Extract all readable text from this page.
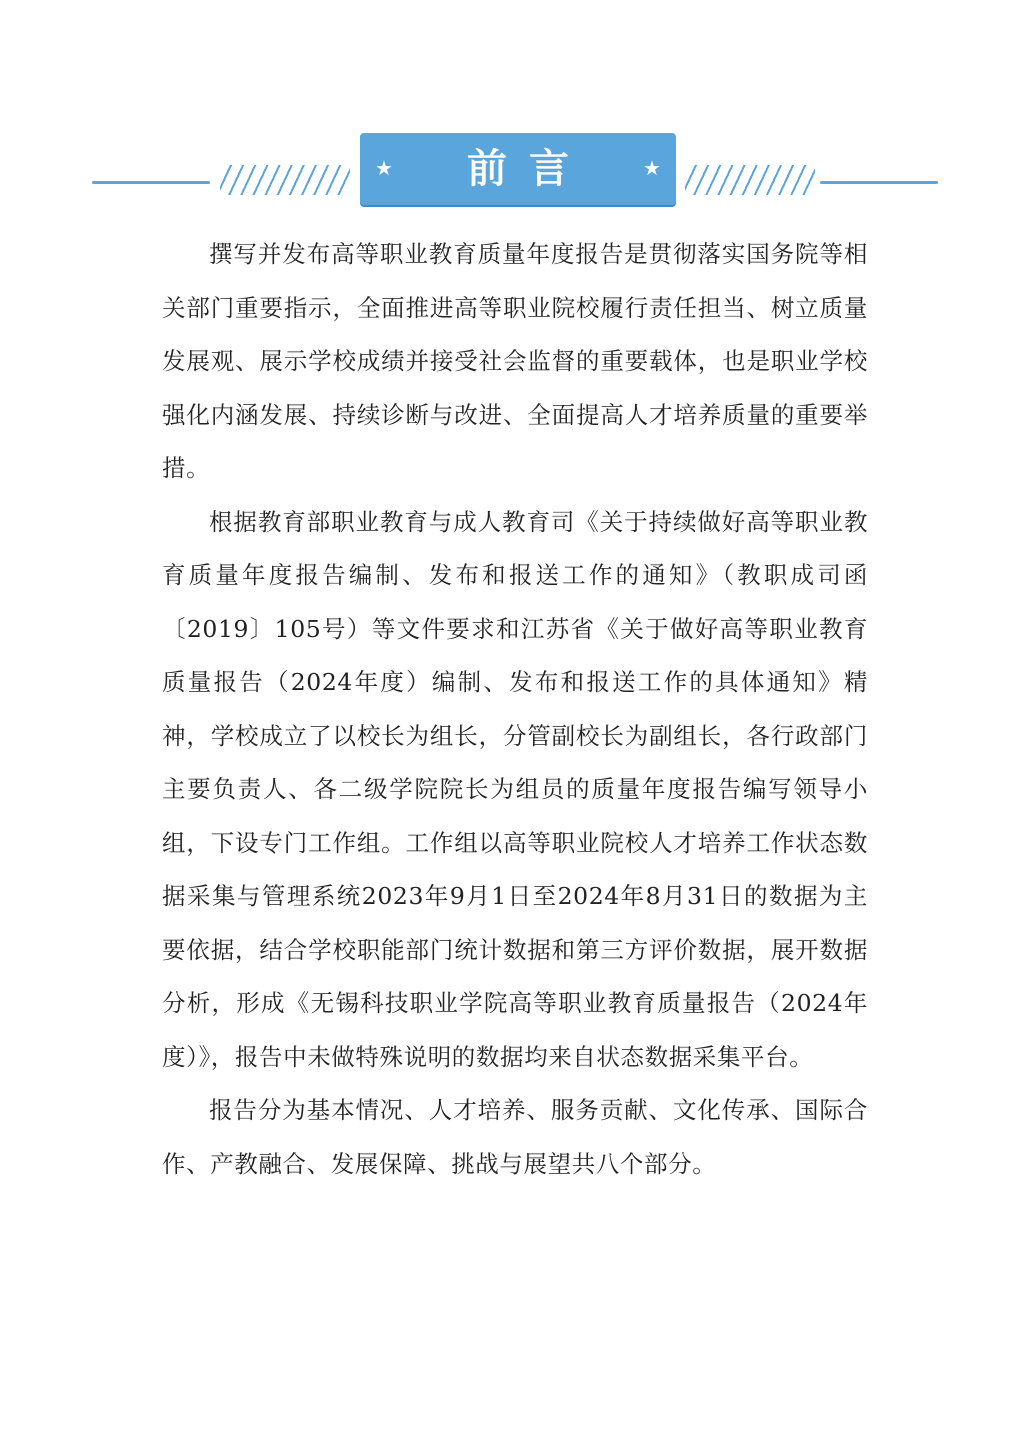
★	前言	★

撰写并发布高等职业教育质量年度报告是贯彻落实国务院等相关部门重要指示，全面推进高等职业院校履行责任担当、树立质量发展观、展示学校成绩并接受社会监督的重要载体，也是职业学校强化内涵发展、持续诊断与改进、全面提高人才培养质量的重要举措。

根据教育部职业教育与成人教育司《关于持续做好高等职业教育质量年度报告编制、发布和报送工作的通知》（教职成司函〔2019〕105号）等文件要求和江苏省《关于做好高等职业教育质量报告（2024年度）编制、发布和报送工作的具体通知》精神，学校成立了以校长为组长，分管副校长为副组长，各行政部门主要负责人、各二级学院院长为组员的质量年度报告编写领导小组，下设专门工作组。工作组以高等职业院校人才培养工作状态数据采集与管理系统2023年9月1日至2024年8月31日的数据为主要依据，结合学校职能部门统计数据和第三方评价数据，展开数据分析，形成《无锡科技职业学院高等职业教育质量报告（2024年度）》，报告中未做特殊说明的数据均来自状态数据采集平台。

报告分为基本情况、人才培养、服务贡献、文化传承、国际合作、产教融合、发展保障、挑战与展望共八个部分。
